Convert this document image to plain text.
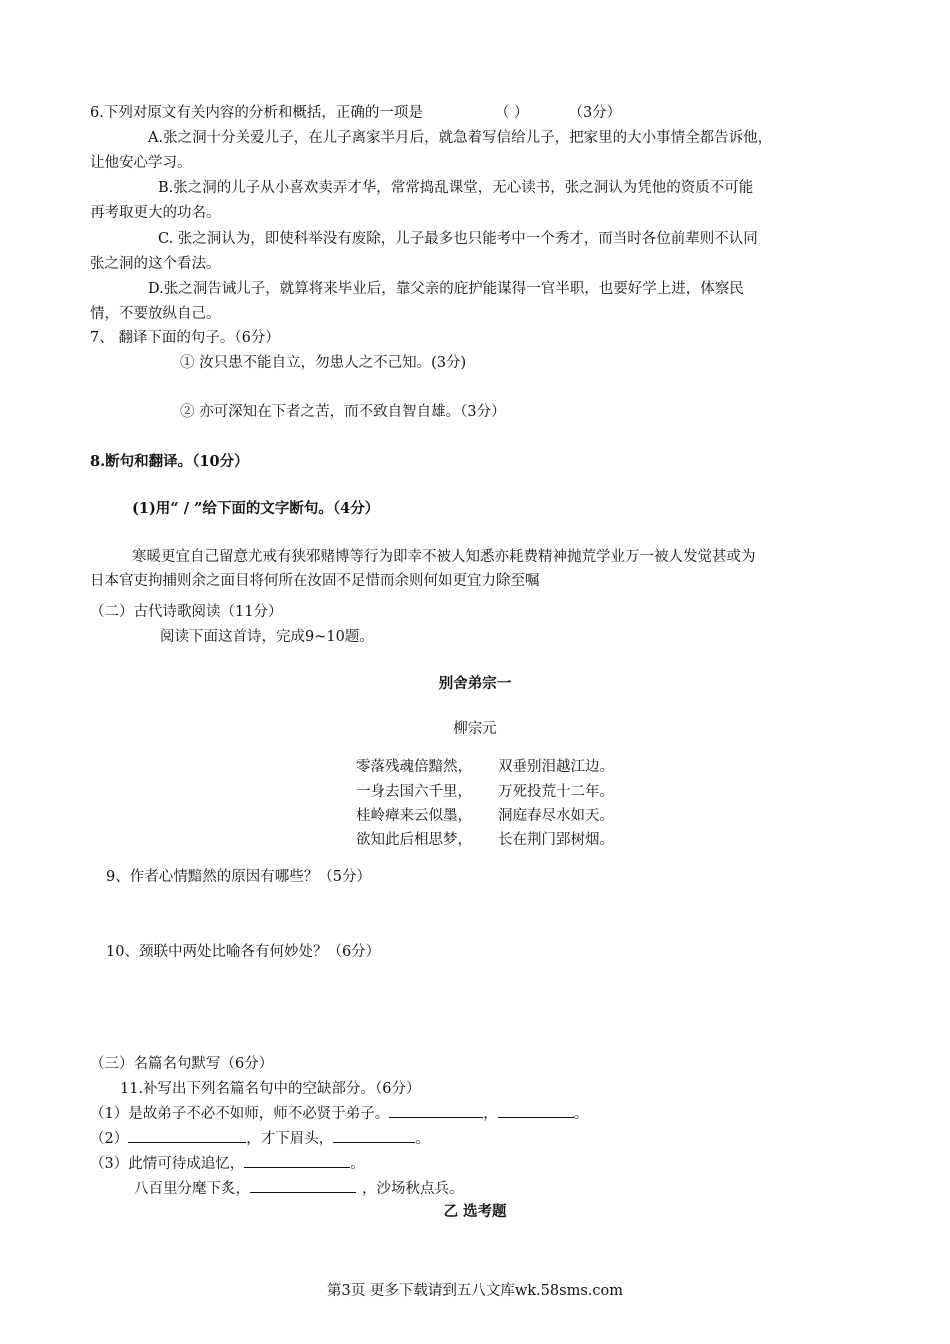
6.下列对原文有关内容的分析和概括，正确的一项是	（ ）	（3分）
A.张之洞十分关爱儿子，在儿子离家半月后，就急着写信给儿子，把家里的大小事情全都告诉他，
让他安心学习。
B.张之洞的儿子从小喜欢卖弄才华，常常捣乱课堂，无心读书，张之洞认为凭他的资质不可能
再考取更大的功名。
C. 张之洞认为，即使科举没有废除，儿子最多也只能考中一个秀才，而当时各位前辈则不认同
张之洞的这个看法。
D.张之洞告诫儿子，就算将来毕业后，靠父亲的庇护能谋得一官半职，也要好学上进，体察民
情，不要放纵自己。
7、 翻译下面的句子。（6分）
① 汝只患不能自立，勿患人之不己知。(3分)
② 亦可深知在下者之苦，而不致自智自雄。（3分）
8.断句和翻译。（10分）
(1)用“ / ”给下面的文字断句。（4分）
寒暖更宜自己留意尤戒有狭邪赌博等行为即幸不被人知悉亦耗费精神抛荒学业万一被人发觉甚或为
日本官吏拘捕则余之面目将何所在汝固不足惜而余则何如更宜力除至嘱
（二）古代诗歌阅读（11分）
阅读下面这首诗，完成9~10题。
别舍弟宗一
柳宗元
零落残魂倍黯然， 双垂别泪越江边。
一身去国六千里， 万死投荒十二年。
桂岭瘴来云似墨， 洞庭春尽水如天。
欲知此后相思梦， 长在荆门郢树烟。
9、作者心情黯然的原因有哪些？（5分）
10、颈联中两处比喻各有何妙处？（6分）
（三）名篇名句默写（6分）
11.补写出下列名篇名句中的空缺部分。（6分）
（1）是故弟子不必不如师，师不必贤于弟子。	，	。
（2）	，才下眉头，	。
（3）此情可待成追忆，	。
八百里分麾下炙，	，沙场秋点兵。
乙 选考题
第3页 更多下载请到五八文库wk.58sms.com
